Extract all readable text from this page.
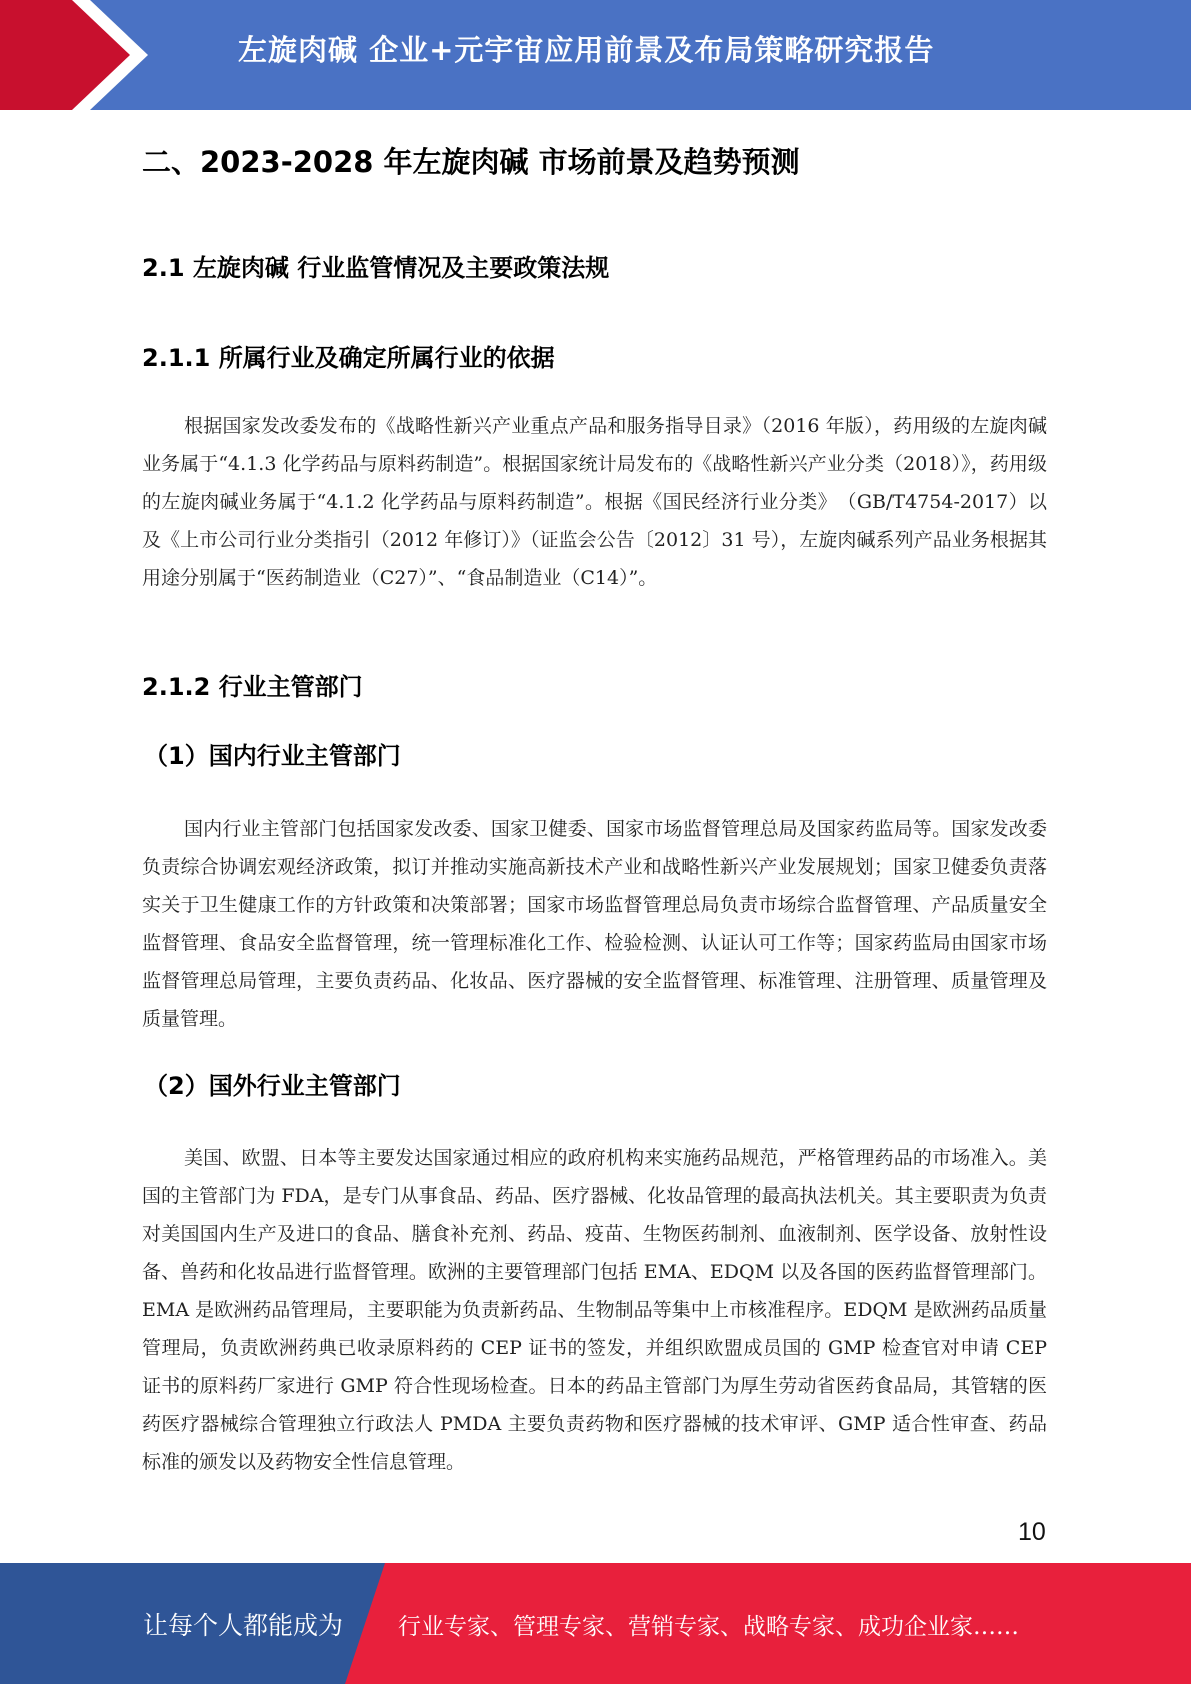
左旋肉碱 企业+元宇宙应用前景及布局策略研究报告
二、2023-2028 年左旋肉碱 市场前景及趋势预测
2.1 左旋肉碱 行业监管情况及主要政策法规
2.1.1 所属行业及确定所属行业的依据

根据国家发改委发布的《战略性新兴产业重点产品和服务指导目录》（2016 年版），药用级的左旋肉碱业务属于“4.1.3 化学药品与原料药制造”。根据国家统计局发布的《战略性新兴产业分类（2018）》，药用级的左旋肉碱业务属于“4.1.2 化学药品与原料药制造”。根据《国民经济行业分类》　（GB/T4754-2017）以及《上市公司行业分类指引（2012 年修订）》（证监会公告〔2012〕31 号），左旋肉碱系列产品业务根据其用途分别属于“医药制造业（C27）”、“食品制造业（C14）”。

2.1.2 行业主管部门
（1）国内行业主管部门

国内行业主管部门包括国家发改委、国家卫健委、国家市场监督管理总局及国家药监局等。国家发改委负责综合协调宏观经济政策，拟订并推动实施高新技术产业和战略性新兴产业发展规划；国家卫健委负责落实关于卫生健康工作的方针政策和决策部署；国家市场监督管理总局负责市场综合监督管理、产品质量安全监督管理、食品安全监督管理，统一管理标准化工作、检验检测、认证认可工作等；国家药监局由国家市场监督管理总局管理，主要负责药品、化妆品、医疗器械的安全监督管理、标准管理、注册管理、质量管理及质量管理。

（2）国外行业主管部门

美国、欧盟、日本等主要发达国家通过相应的政府机构来实施药品规范，严格管理药品的市场准入。美国的主管部门为 FDA，是专门从事食品、药品、医疗器械、化妆品管理的最高执法机关。其主要职责为负责对美国国内生产及进口的食品、膳食补充剂、药品、疫苗、生物医药制剂、血液制剂、医学设备、放射性设备、兽药和化妆品进行监督管理。欧洲的主要管理部门包括 EMA、EDQM 以及各国的医药监督管理部门。EMA 是欧洲药品管理局，主要职能为负责新药品、生物制品等集中上市核准程序。EDQM 是欧洲药品质量管理局，负责欧洲药典已收录原料药的 CEP 证书的签发，并组织欧盟成员国的 GMP 检查官对申请 CEP 证书的原料药厂家进行 GMP 符合性现场检查。日本的药品主管部门为厚生劳动省医药食品局，其管辖的医药医疗器械综合管理独立行政法人 PMDA 主要负责药物和医疗器械的技术审评、GMP 适合性审查、药品标准的颁发以及药物安全性信息管理。

10
让每个人都能成为 行业专家、管理专家、营销专家、战略专家、成功企业家……
